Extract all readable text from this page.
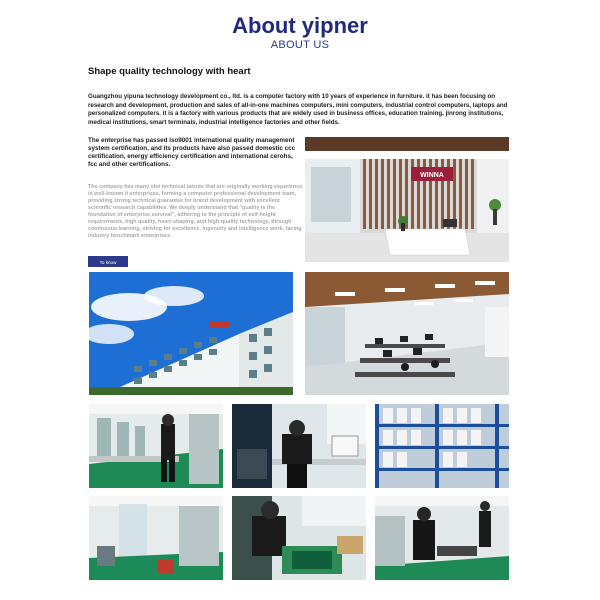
About yipner
ABOUT US
Shape quality technology with heart
Guangzhou yipuna technology development co., ltd. is a computer factory with 10 years of experience in furniture. it has been focusing on research and development, production and sales of all-in-one machines computers, mini computers, industrial control computers, laptops and personalized computers. it is a factory with various products that are widely used in business offices, education training, jinrong institutions, medical institutions, smart terminals, industrial intelligence factories and other fields.
The enterprise has passed iso9001 international quality management system certification, and its products have also passed domestic ccc certification, energy efficiency certification and international cerohs, fcc and other certifications.
The company has many slot technical talents that are originally working experience in well-known it enterprises, forming a computer professional development team, providing strong technical guarantee for brand development with excellent scientific research capabilities. We deeply understand that "quality is the foundation of enterprise survival", adhering to the principle of self-height requirements, high quality, heart-shaping, and high-quality technology, through continuous learning, striving for excellence, ingenuity and intelligence work, facing industry benchmark enterprises.
To know
WINNA
